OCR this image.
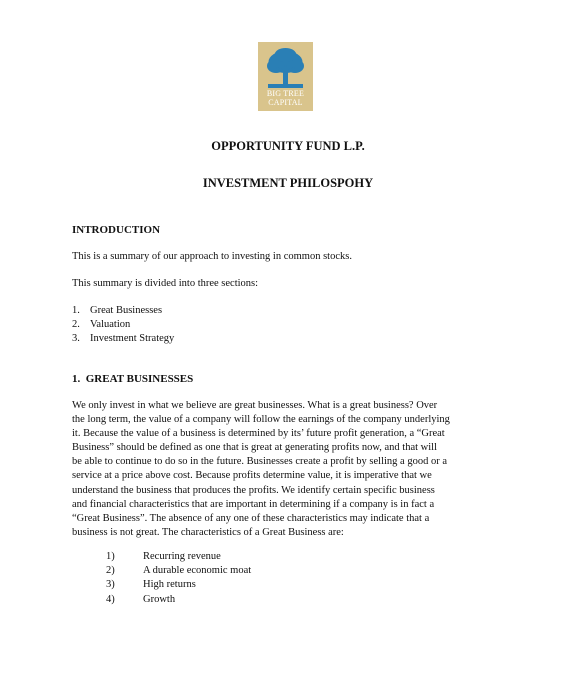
BIG TREE
CAPITAL
OPPORTUNITY FUND L.P.
INVESTMENT PHILOSPOHY
INTRODUCTION
This is a summary of our approach to investing in common stocks.
This summary is divided into three sections:
1. Great Businesses
2. Valuation
3. Investment Strategy
1.  GREAT BUSINESSES
We only invest in what we believe are great businesses. What is a great business? Over
the long term, the value of a company will follow the earnings of the company underlying
it. Because the value of a business is determined by its’ future profit generation, a “Great
Business” should be defined as one that is great at generating profits now, and that will
be able to continue to do so in the future. Businesses create a profit by selling a good or a
service at a price above cost. Because profits determine value, it is imperative that we
understand the business that produces the profits. We identify certain specific business
and financial characteristics that are important in determining if a company is in fact a
“Great Business”. The absence of any one of these characteristics may indicate that a
business is not great. The characteristics of a Great Business are:
1)	Recurring revenue
2)	A durable economic moat
3)	High returns
4)	Growth
